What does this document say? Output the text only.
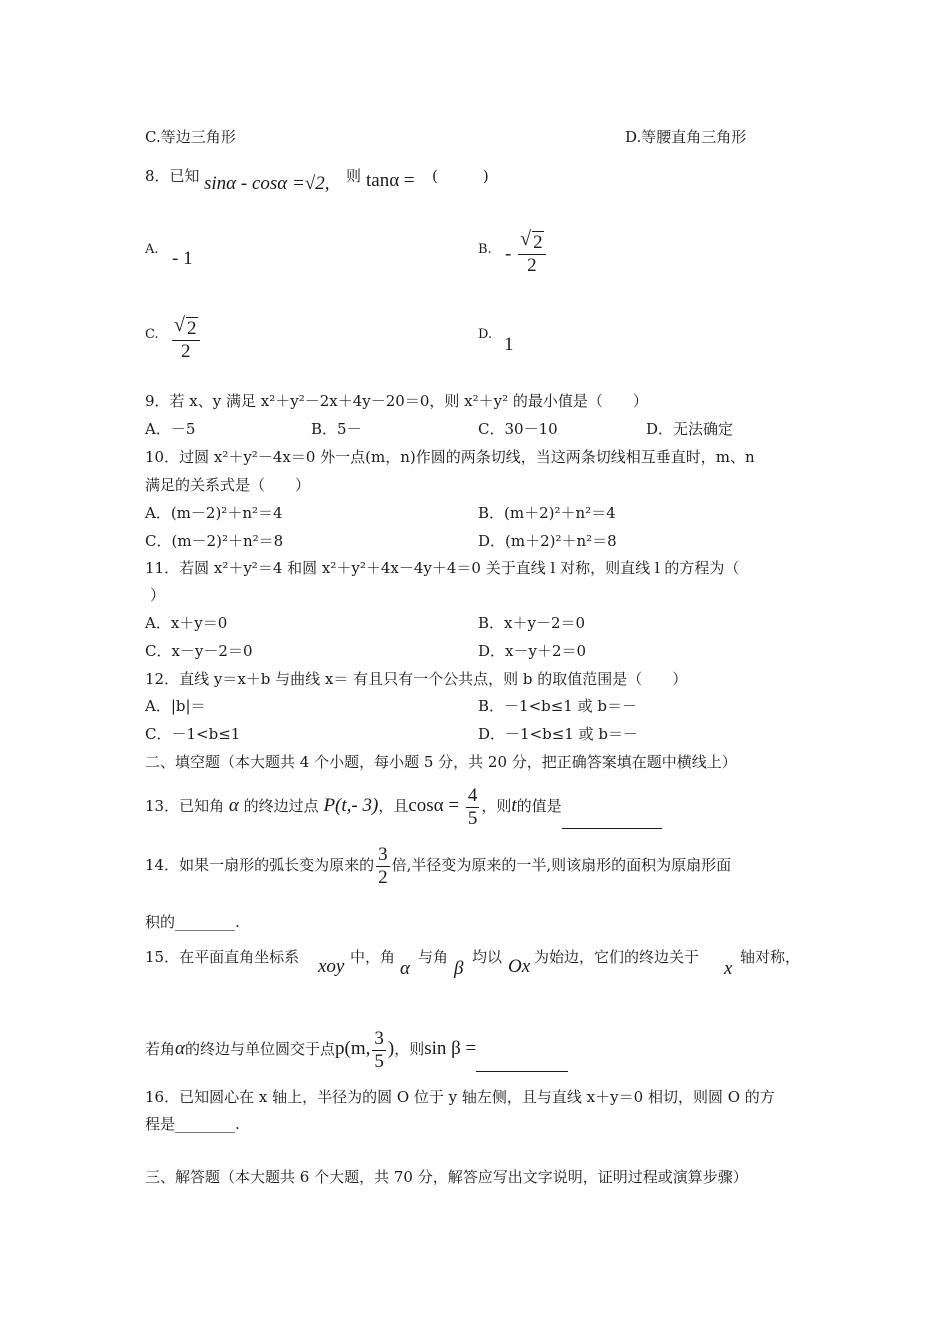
C.等边三角形	D.等腰直角三角形
8．已知 sinα - cosα =√2, 则 tanα = (　　　)
A. - 1	B. - $\frac{√ 2}{2}$
C. $\frac{√ 2}{2}$	D. 1
9．若 x、y 满足 x²＋y²－2x＋4y－20＝0，则 x²＋y² 的最小值是（　　）
A．－5	B．5－	C．30－10	D．无法确定
10．过圆 x²＋y²－4x＝0 外一点(m，n)作圆的两条切线，当这两条切线相互垂直时，m、n
满足的关系式是（　　）
A．(m－2)²＋n²＝4	B．(m＋2)²＋n²＝4
C．(m－2)²＋n²＝8	D．(m＋2)²＋n²＝8
11．若圆 x²＋y²＝4 和圆 x²＋y²＋4x－4y＋4＝0 关于直线 l 对称，则直线 l 的方程为（
）
A．x＋y＝0	B．x＋y－2＝0
C．x－y－2＝0	D．x－y＋2＝0
12．直线 y＝x＋b 与曲线 x＝ 有且只有一个公共点，则 b 的取值范围是（　　）
A．|b|＝	B．－1<b≤1 或 b＝－
C．－1<b≤1	D．－1<b≤1 或 b＝－
二、填空题（本大题共 4 个小题，每小题 5 分，共 20 分，把正确答案填在题中横线上）
13．已知角 α 的终边过点 P(t,- 3)，且$\cos\alpha = \frac{4}{5}$ ，则t的值是
14．如果一扇形的弧长变为原来的 $\frac{3}{2}$ 倍,半径变为原来的一半,则该扇形的面积为原扇形面
积的________.
15．在平面直角坐标系 xoy 中，角
α
与角
β
均以 Ox 为始边，它们的终边关于
x
轴对称，
若角α的终边与单位圆交于点p(m, $\frac{3}{5}$ )，则sin β =
16．已知圆心在 x 轴上，半径为的圆 O 位于 y 轴左侧，且与直线 x＋y＝0 相切，则圆 O 的方
程是________.
三、解答题（本大题共 6 个大题，共 70 分，解答应写出文字说明，证明过程或演算步骤）
